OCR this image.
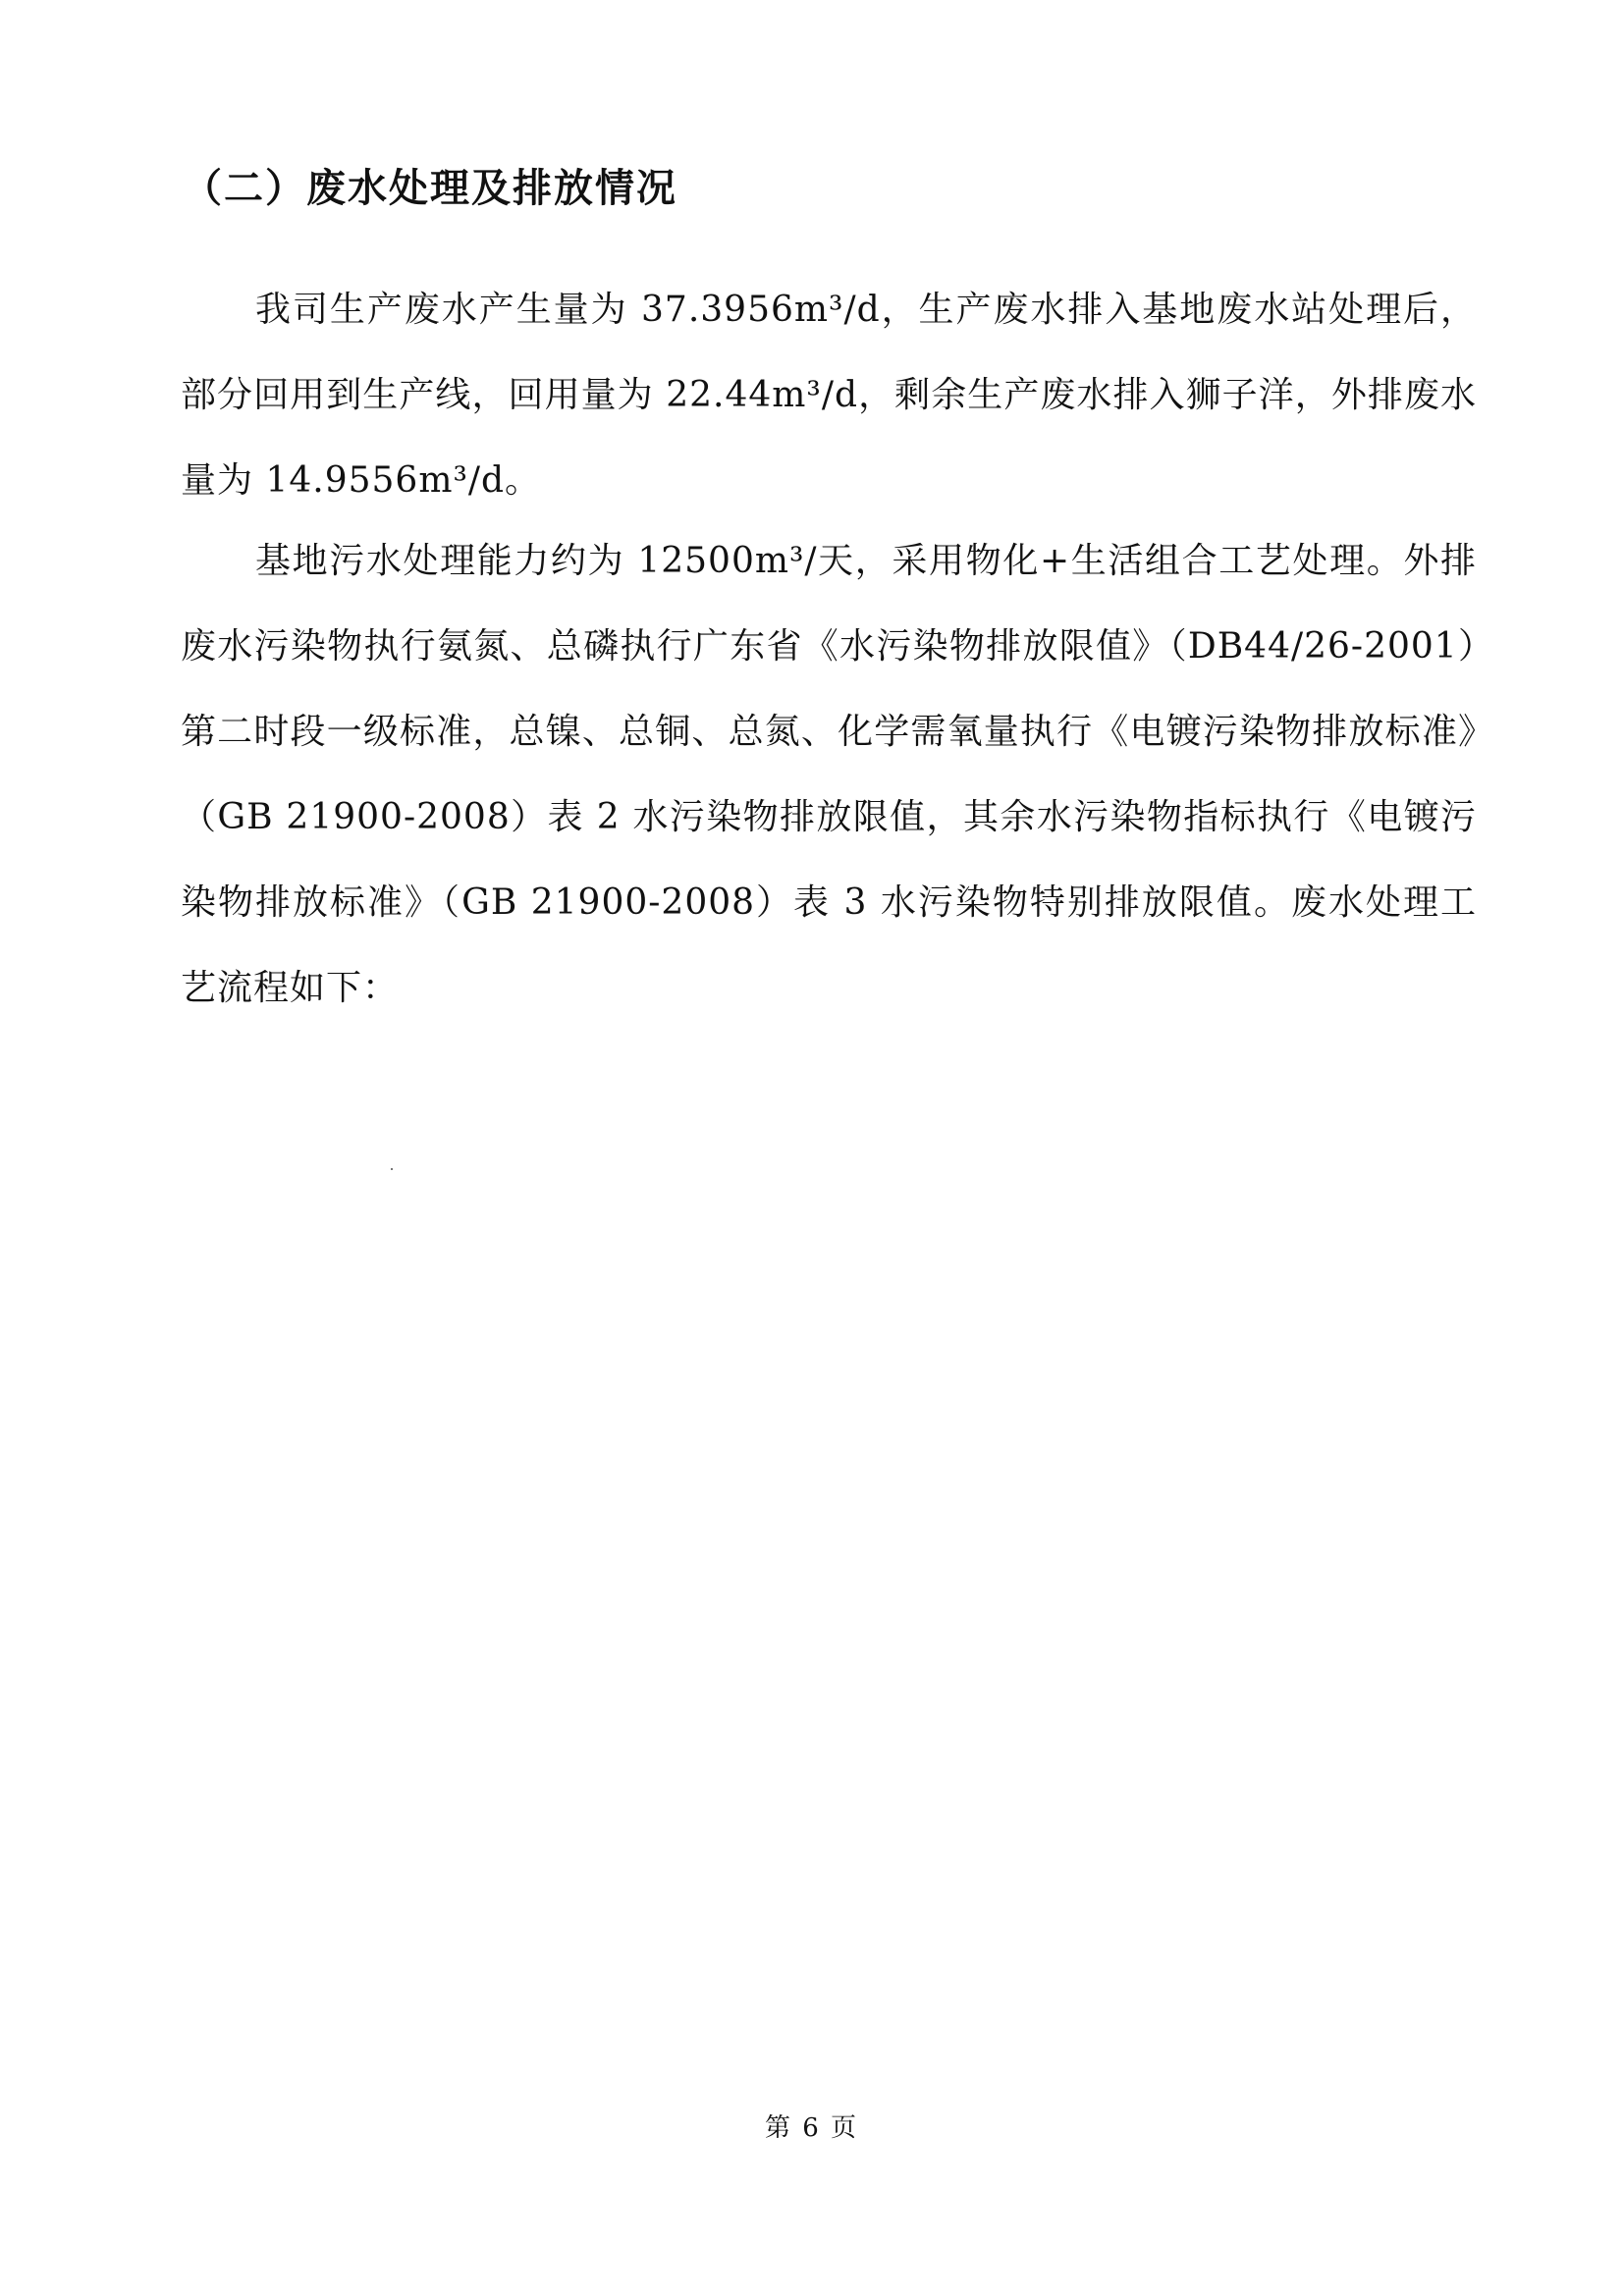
（二）废水处理及排放情况

我司生产废水产生量为 37.3956m³/d，生产废水排入基地废水站处理后，部分回用到生产线，回用量为 22.44m³/d，剩余生产废水排入狮子洋，外排废水量为 14.9556m³/d。

基地污水处理能力约为 12500m³/天，采用物化+生活组合工艺处理。外排废水污染物执行氨氮、总磷执行广东省《水污染物排放限值》（DB44/26-2001）第二时段一级标准，总镍、总铜、总氮、化学需氧量执行《电镀污染物排放标准》（GB 21900-2008）表 2 水污染物排放限值，其余水污染物指标执行《电镀污染物排放标准》（GB 21900-2008）表 3 水污染物特别排放限值。废水处理工艺流程如下：

第 6 页
